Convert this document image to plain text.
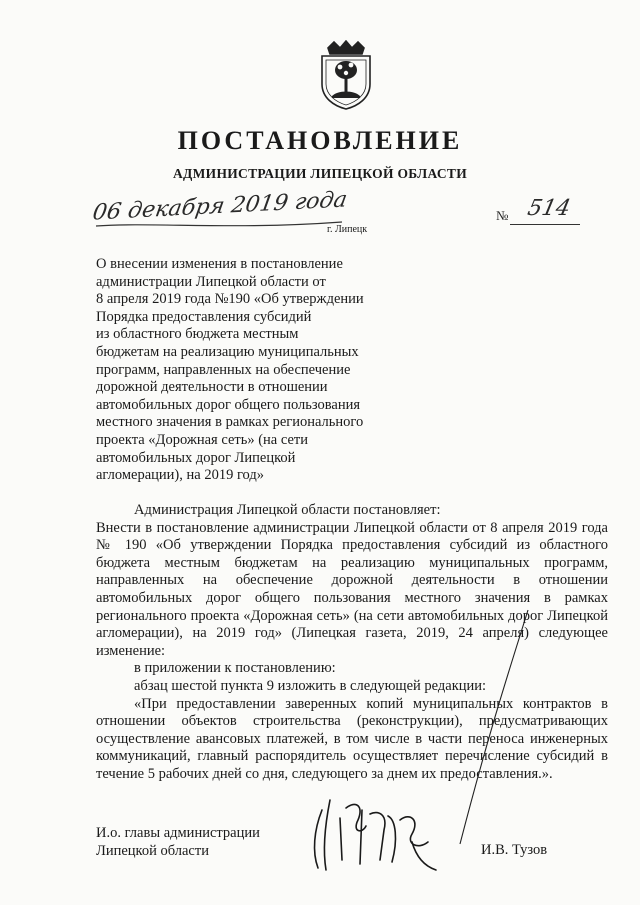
ПОСТАНОВЛЕНИЕ
АДМИНИСТРАЦИИ ЛИПЕЦКОЙ ОБЛАСТИ
06 декабря 2019 года
г. Липецк
№ 514
О внесении изменения в постановление
администрации Липецкой области от
8 апреля 2019 года №190 «Об утверждении
Порядка предоставления субсидий
из областного бюджета местным
бюджетам на реализацию муниципальных
программ, направленных на обеспечение
дорожной деятельности в отношении
автомобильных дорог общего пользования
местного значения в рамках регионального
проекта «Дорожная сеть» (на сети
автомобильных дорог Липецкой
агломерации), на 2019 год»

Администрация Липецкой области постановляет:

Внести в постановление администрации Липецкой области от 8 апреля 2019 года № 190 «Об утверждении Порядка предоставления субсидий из областного бюджета местным бюджетам на реализацию муниципальных программ, направленных на обеспечение дорожной деятельности в отношении автомобильных дорог общего пользования местного значения в рамках регионального проекта «Дорожная сеть» (на сети автомобильных дорог Липецкой агломерации), на 2019 год» (Липецкая газета, 2019, 24 апреля) следующее изменение:

в приложении к постановлению:

абзац шестой пункта 9 изложить в следующей редакции:

«При предоставлении заверенных копий муниципальных контрактов в отношении объектов строительства (реконструкции), предусматривающих осуществление авансовых платежей, в том числе в части переноса инженерных коммуникаций, главный распорядитель осуществляет перечисление субсидий в течение 5 рабочих дней со дня, следующего за днем их предоставления.».

И.о. главы администрации
Липецкой области	И.В. Тузов
